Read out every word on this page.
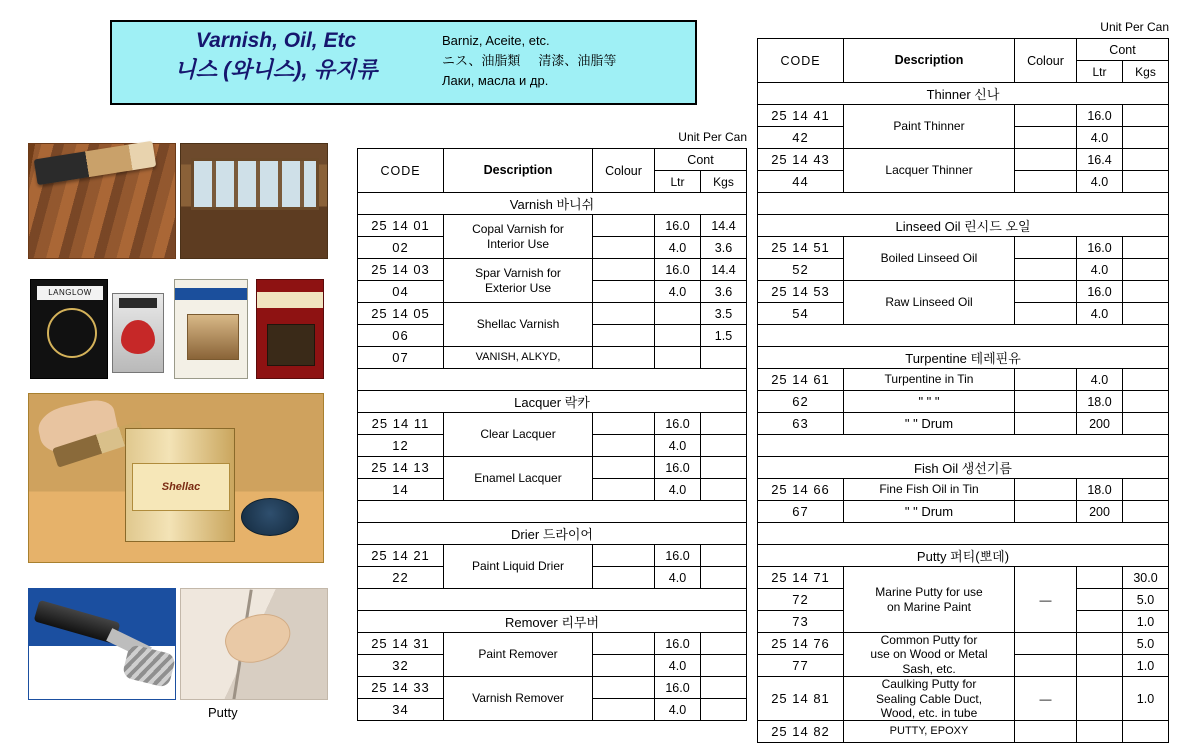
Varnish, Oil, Etc
니스 (와니스), 유지류
Barniz, Aceite, etc.
ニス、油脂類 清漆、油脂等
Лаки, масла и др.
LANGLOW
Shellac
Putty
Unit Per Can
CODE	Description	Colour	Cont	
			Ltr	Kgs
Varnish 바니쉬				
25 14 01	Copal Varnish for
Interior Use		16.0	14.4
02			4.0	3.6
25 14 03	Spar Varnish for
Exterior Use		16.0	14.4
04			4.0	3.6
25 14 05	Shellac Varnish			3.5
06				1.5
07	VANISH, ALKYD,			

Lacquer 락카				
25 14 11	Clear Lacquer		16.0	
12			4.0	
25 14 13	Enamel Lacquer		16.0	
14			4.0	

Drier 드라이어				
25 14 21	Paint Liquid Drier		16.0	
22			4.0	

Remover 리무버				
25 14 31	Paint Remover		16.0	
32			4.0	
25 14 33	Varnish Remover		16.0	
34			4.0	
Unit Per Can
CODE	Description	Colour	Cont	
			Ltr	Kgs
Thinner 신나				
25 14 41	Paint Thinner		16.0	
42			4.0	
25 14 43	Lacquer Thinner		16.4	
44			4.0	

Linseed Oil 린시드 오일				
25 14 51	Boiled Linseed Oil		16.0	
52			4.0	
25 14 53	Raw Linseed Oil		16.0	
54			4.0	

Turpentine 테레핀유				
25 14 61	Turpentine in Tin		4.0	
62	" " "		18.0	
63	" " Drum		200	

Fish Oil 생선기름				
25 14 66	Fine Fish Oil in Tin		18.0	
67	" " Drum		200	

Putty 퍼티(뽀데)				
25 14 71	Marine Putty for use
on Marine Paint	—		30.0
72				5.0
73				1.0
25 14 76	Common Putty for
use on Wood or Metal
Sash, etc.			5.0
77				1.0
25 14 81	Caulking Putty for
Sealing Cable Duct,
Wood, etc. in tube	—		1.0
25 14 82	PUTTY, EPOXY			
